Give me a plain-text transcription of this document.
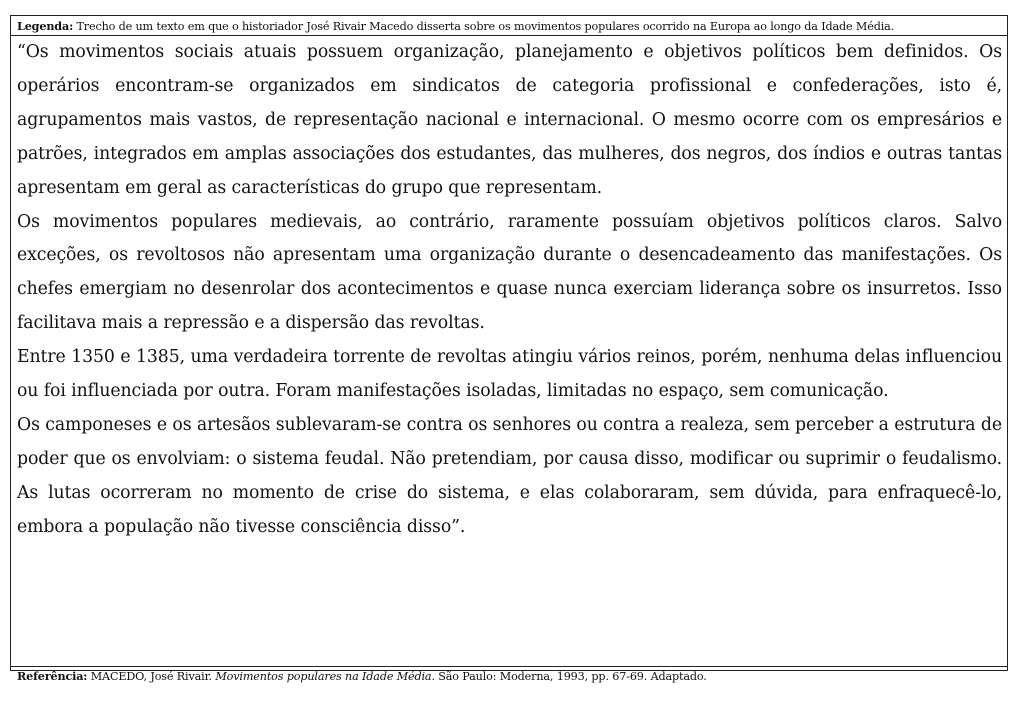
Legenda: Trecho de um texto em que o historiador José Rivair Macedo disserta sobre os movimentos populares ocorrido na Europa ao longo da Idade Média.

“Os movimentos sociais atuais possuem organização, planejamento e objetivos políticos bem definidos. Os operários encontram-se organizados em sindicatos de categoria profissional e confederações, isto é, agrupamentos mais vastos, de representação nacional e internacional. O mesmo ocorre com os empresários e patrões, integrados em amplas associações dos estudantes, das mulheres, dos negros, dos índios e outras tantas apresentam em geral as características do grupo que representam.

Os movimentos populares medievais, ao contrário, raramente possuíam objetivos políticos claros. Salvo exceções, os revoltosos não apresentam uma organização durante o desencadeamento das manifestações. Os chefes emergiam no desenrolar dos acontecimentos e quase nunca exerciam liderança sobre os insurretos. Isso facilitava mais a repressão e a dispersão das revoltas.

Entre 1350 e 1385, uma verdadeira torrente de revoltas atingiu vários reinos, porém, nenhuma delas influenciou ou foi influenciada por outra. Foram manifestações isoladas, limitadas no espaço, sem comunicação.

Os camponeses e os artesãos sublevaram-se contra os senhores ou contra a realeza, sem perceber a estrutura de poder que os envolviam: o sistema feudal. Não pretendiam, por causa disso, modificar ou suprimir o feudalismo. As lutas ocorreram no momento de crise do sistema, e elas colaboraram, sem dúvida, para enfraquecê-lo, embora a população não tivesse consciência disso”.

Referência: MACEDO, José Rivair. Movimentos populares na Idade Média. São Paulo: Moderna, 1993, pp. 67-69. Adaptado.
